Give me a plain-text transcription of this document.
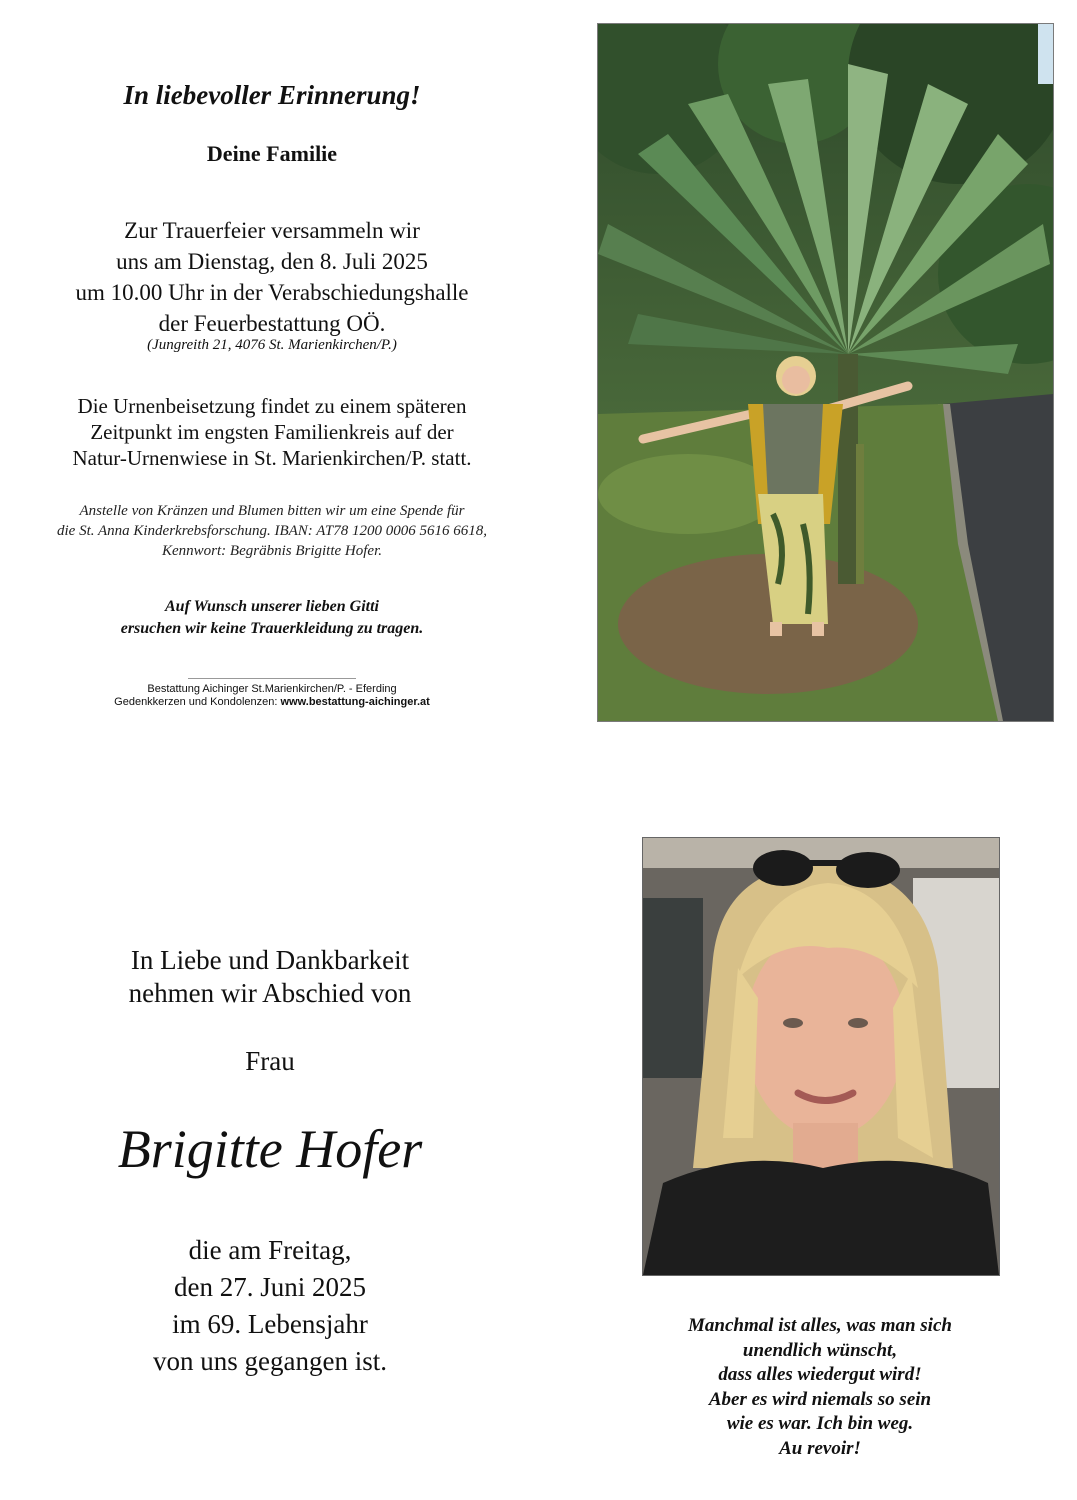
In liebevoller Erinnerung!
Deine Familie
Zur Trauerfeier versammeln wir
uns am Dienstag, den 8. Juli 2025
um 10.00 Uhr in der Verabschiedungshalle
der Feuerbestattung OÖ.
(Jungreith 21, 4076 St. Marienkirchen/P.)
Die Urnenbeisetzung findet zu einem späteren
Zeitpunkt im engsten Familienkreis auf der
Natur-Urnenwiese in St. Marienkirchen/P. statt.
Anstelle von Kränzen und Blumen bitten wir um eine Spende für
die St. Anna Kinderkrebsforschung. IBAN: AT78 1200 0006 5616 6618,
Kennwort: Begräbnis Brigitte Hofer.
Auf Wunsch unserer lieben Gitti
ersuchen wir keine Trauerkleidung zu tragen.
Bestattung Aichinger St.Marienkirchen/P. - Eferding
Gedenkkerzen und Kondolenzen: www.bestattung-aichinger.at
In Liebe und Dankbarkeit
nehmen wir Abschied von
Frau
Brigitte Hofer
die am Freitag,
den 27. Juni 2025
im 69. Lebensjahr
von uns gegangen ist.
Manchmal ist alles, was man sich
unendlich wünscht,
dass alles wiedergut wird!
Aber es wird niemals so sein
wie es war. Ich bin weg.
Au revoir!
